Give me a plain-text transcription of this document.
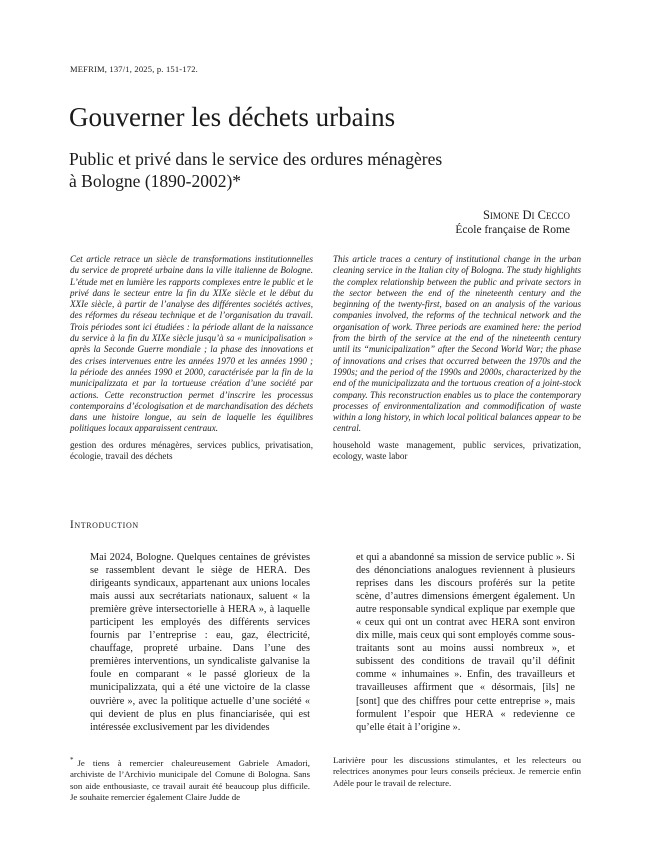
MEFRIM, 137/1, 2025, p. 151-172.
Gouverner les déchets urbains
Public et privé dans le service des ordures ménagères
à Bologne (1890-2002)*
Simone Di Cecco
École française de Rome
Cet article retrace un siècle de transformations institutionnelles du service de propreté urbaine dans la ville italienne de Bologne. L’étude met en lumière les rapports complexes entre le public et le privé dans le secteur entre la fin du XIXe siècle et le début du XXIe siècle, à partir de l’analyse des différentes sociétés actives, des réformes du réseau technique et de l’organisation du travail. Trois périodes sont ici étudiées : la période allant de la naissance du service à la fin du XIXe siècle jusqu’à sa « municipalisation » après la Seconde Guerre mondiale ; la phase des innovations et des crises intervenues entre les années 1970 et les années 1990 ; la période des années 1990 et 2000, caractérisée par la fin de la municipalizzata et par la tortueuse création d’une société par actions. Cette reconstruction permet d’inscrire les processus contemporains d’écologisation et de marchandisation des déchets dans une histoire longue, au sein de laquelle les équilibres politiques locaux apparaissent centraux.
gestion des ordures ménagères, services publics, privatisation, écologie, travail des déchets
This article traces a century of institutional change in the urban cleaning service in the Italian city of Bologna. The study highlights the complex relationship between the public and private sectors in the sector between the end of the nineteenth century and the beginning of the twenty-first, based on an analysis of the various companies involved, the reforms of the technical network and the organisation of work. Three periods are examined here: the period from the birth of the service at the end of the nineteenth century until its “municipalization” after the Second World War; the phase of innovations and crises that occurred between the 1970s and the 1990s; and the period of the 1990s and 2000s, characterized by the end of the municipalizzata and the tortuous creation of a joint-stock company. This reconstruction enables us to place the contemporary processes of environmentalization and commodification of waste within a long history, in which local political balances appear to be central.
household waste management, public services, privatization, ecology, waste labor
Introduction
Mai 2024, Bologne. Quelques centaines de grévistes se rassemblent devant le siège de HERA. Des dirigeants syndicaux, appartenant aux unions locales mais aussi aux secrétariats nationaux, saluent « la première grève intersectorielle à HERA », à laquelle participent les employés des différents services fournis par l’entreprise : eau, gaz, électricité, chauffage, propreté urbaine. Dans l’une des premières interventions, un syndicaliste galvanise la foule en comparant « le passé glorieux de la municipalizzata, qui a été une victoire de la classe ouvrière », avec la politique actuelle d’une société « qui devient de plus en plus financiarisée, qui est intéressée exclusivement par les dividendes
et qui a abandonné sa mission de service public ». Si des dénonciations analogues reviennent à plusieurs reprises dans les discours proférés sur la petite scène, d’autres dimensions émergent également. Un autre responsable syndical explique par exemple que « ceux qui ont un contrat avec HERA sont environ dix mille, mais ceux qui sont employés comme sous-traitants sont au moins aussi nombreux », et subissent des conditions de travail qu’il définit comme « inhumaines ». Enfin, des travailleurs et travailleuses affirment que « désormais, [ils] ne [sont] que des chiffres pour cette entreprise », mais formulent l’espoir que HERA « redevienne ce qu’elle était à l’origine ».
* Je tiens à remercier chaleureusement Gabriele Amadori, archiviste de l’Archivio municipale del Comune di Bologna. Sans son aide enthousiaste, ce travail aurait été beaucoup plus difficile. Je souhaite remercier également Claire Judde de
Larivière pour les discussions stimulantes, et les relecteurs ou relectrices anonymes pour leurs conseils précieux. Je remercie enfin Adèle pour le travail de relecture.
